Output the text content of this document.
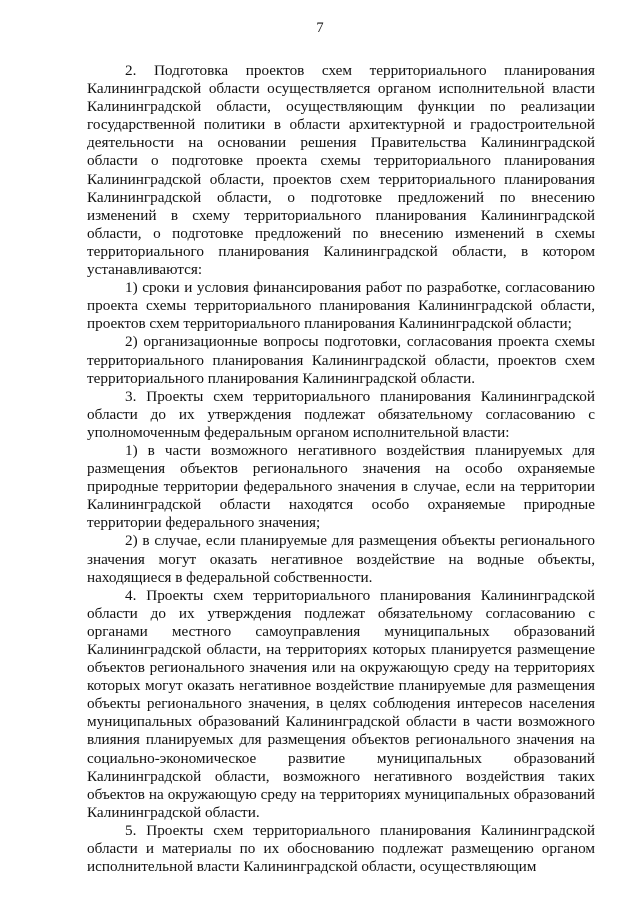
7

2. Подготовка проектов схем территориального планирования Калининградской области осуществляется органом исполнительной власти Калининградской области, осуществляющим функции по реализации государственной политики в области архитектурной и градостроительной деятельности на основании решения Правительства Калининградской области о подготовке проекта схемы территориального планирования Калининградской области, проектов схем территориального планирования Калининградской области, о подготовке предложений по внесению изменений в схему территориального планирования Калининградской области, о подготовке предложений по внесению изменений в схемы территориального планирования Калининградской области, в котором устанавливаются:

1) сроки и условия финансирования работ по разработке, согласованию проекта схемы территориального планирования Калининградской области, проектов схем территориального планирования Калининградской области;

2) организационные вопросы подготовки, согласования проекта схемы территориального планирования Калининградской области, проектов схем территориального планирования Калининградской области.

3. Проекты схем территориального планирования Калининградской области до их утверждения подлежат обязательному согласованию с уполномоченным федеральным органом исполнительной власти:

1) в части возможного негативного воздействия планируемых для размещения объектов регионального значения на особо охраняемые природные территории федерального значения в случае, если на территории Калининградской области находятся особо охраняемые природные территории федерального значения;

2) в случае, если планируемые для размещения объекты регионального значения могут оказать негативное воздействие на водные объекты, находящиеся в федеральной собственности.

4. Проекты схем территориального планирования Калининградской области до их утверждения подлежат обязательному согласованию с органами местного самоуправления муниципальных образований Калининградской области, на территориях которых планируется размещение объектов регионального значения или на окружающую среду на территориях которых могут оказать негативное воздействие планируемые для размещения объекты регионального значения, в целях соблюдения интересов населения муниципальных образований Калининградской области в части возможного влияния планируемых для размещения объектов регионального значения на социально-экономическое развитие муниципальных образований Калининградской области, возможного негативного воздействия таких объектов на окружающую среду на территориях муниципальных образований Калининградской области.

5. Проекты схем территориального планирования Калининградской области и материалы по их обоснованию подлежат размещению органом исполнительной власти Калининградской области, осуществляющим
